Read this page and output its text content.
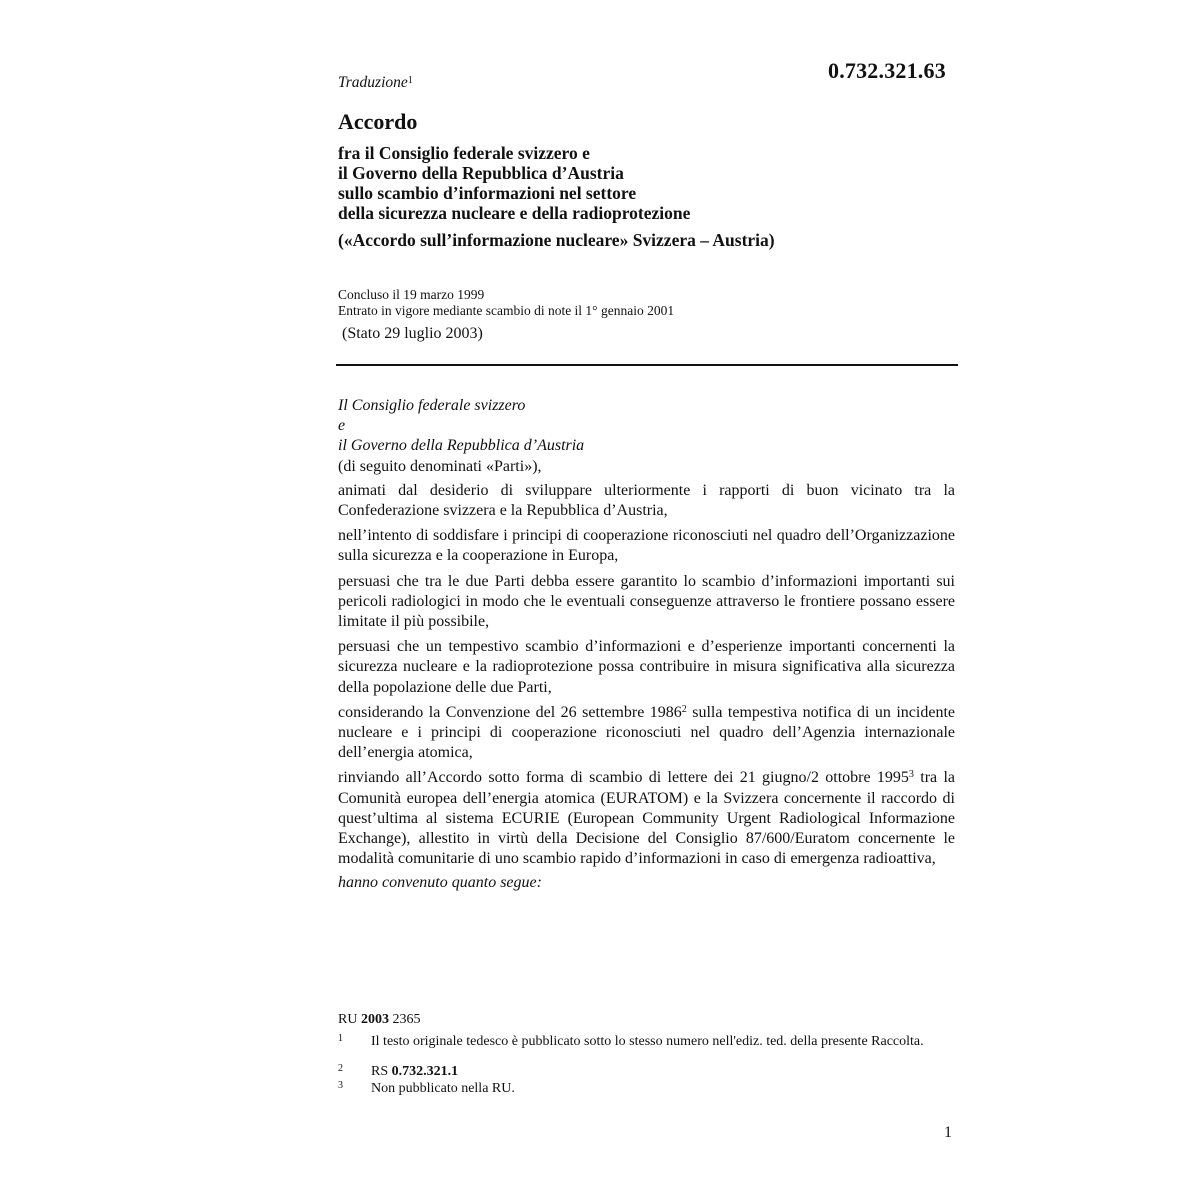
0.732.321.63
Traduzione$^1$
Accordo
fra il Consiglio federale svizzero e
il Governo della Repubblica d’Austria
sullo scambio d’informazioni nel settore
della sicurezza nucleare e della radioprotezione
(«Accordo sull’informazione nucleare» Svizzera – Austria)
Concluso il 19 marzo 1999
Entrato in vigore mediante scambio di note il 1° gennaio 2001
(Stato 29 luglio 2003)
Il Consiglio federale svizzero
e
il Governo della Repubblica d’Austria
(di seguito denominati «Parti»),
animati dal desiderio di sviluppare ulteriormente i rapporti di buon vicinato tra la Confederazione svizzera e la Repubblica d’Austria,
nell’intento di soddisfare i principi di cooperazione riconosciuti nel quadro dell’Organizzazione sulla sicurezza e la cooperazione in Europa,
persuasi che tra le due Parti debba essere garantito lo scambio d’informazioni importanti sui pericoli radiologici in modo che le eventuali conseguenze attraverso le frontiere possano essere limitate il più possibile,
persuasi che un tempestivo scambio d’informazioni e d’esperienze importanti concernenti la sicurezza nucleare e la radioprotezione possa contribuire in misura significativa alla sicurezza della popolazione delle due Parti,
considerando la Convenzione del 26 settembre 1986$^2$ sulla tempestiva notifica di un incidente nucleare e i principi di cooperazione riconosciuti nel quadro dell’Agenzia internazionale dell’energia atomica,
rinviando all’Accordo sotto forma di scambio di lettere dei 21 giugno/2 ottobre 1995$^3$ tra la Comunità europea dell’energia atomica (EURATOM) e la Svizzera concernente il raccordo di quest’ultima al sistema ECURIE (European Community Urgent Radiological Informazione Exchange), allestito in virtù della Decisione del Consiglio 87/600/Euratom concernente le modalità comunitarie di uno scambio rapido d’informazioni in caso di emergenza radioattiva,
hanno convenuto quanto segue:
RU 2003 2365
1 Il testo originale tedesco è pubblicato sotto lo stesso numero nell'ediz. ted. della presente Raccolta.
2 RS 0.732.321.1
3 Non pubblicato nella RU.
1
